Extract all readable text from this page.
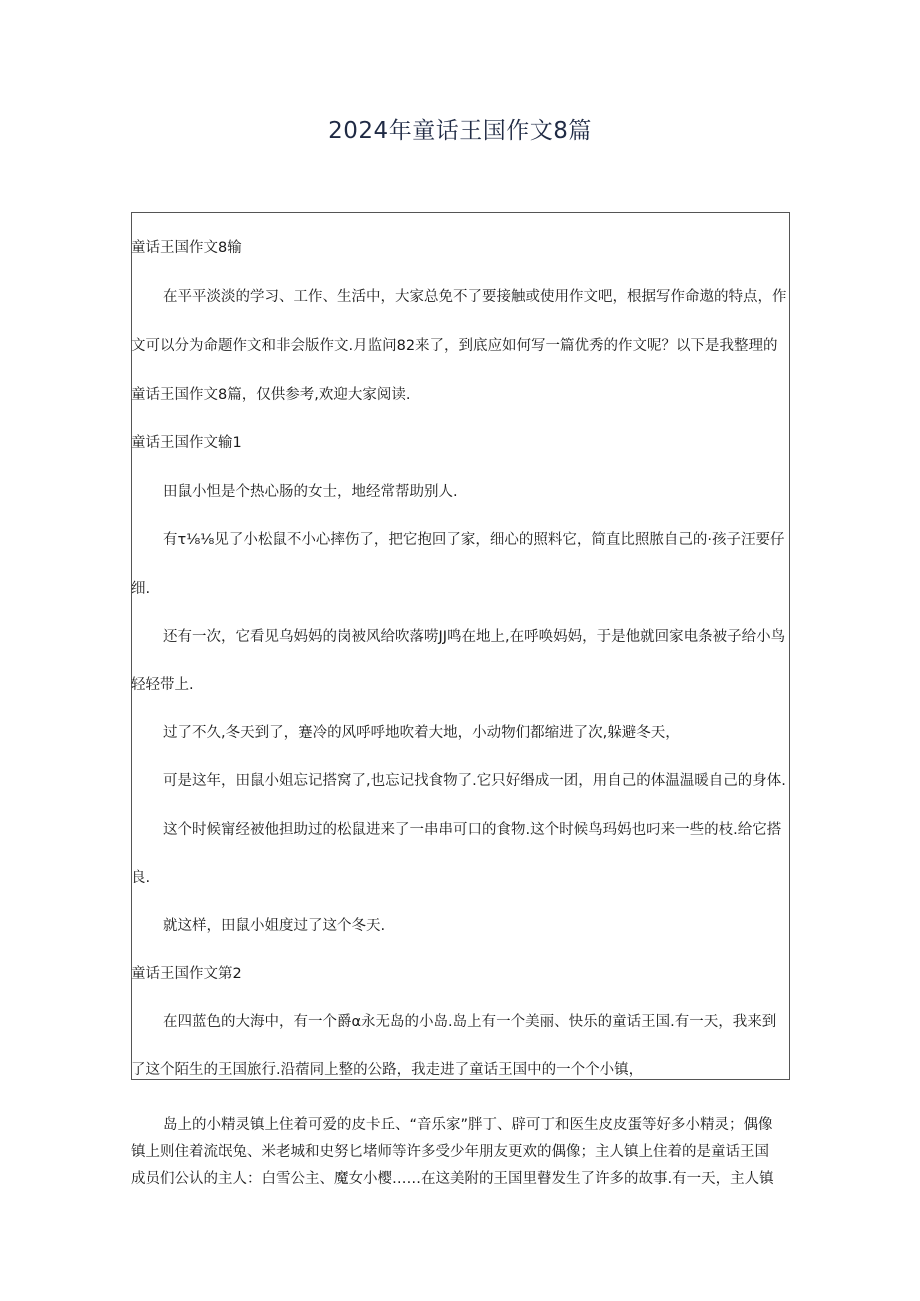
2024年童话王国作文8篇
童话王国作文8输
在平平淡淡的学习、工作、生活中，大家总免不了要接触或使用作文吧，根据写作命遨的特点，作
文可以分为命题作文和非会版作文.月监问82来了，到底应如何写一篇优秀的作文呢？以下是我整理的
童话王国作文8篇，仅供参考,欢迎大家阅读.
童话王国作文输1
田鼠小怛是个热心肠的女士，地经常帮助别人.
有τ⅛⅛见了小松鼠不小心摔伤了，把它抱回了家，细心的照料它，简直比照脓自己的·孩子汪要仔
细.
还有一次，它看见乌妈妈的岗被风给吹落唠JJ鸣在地上,在呼唤妈妈，于是他就回家电条被子给小鸟
轻轻带上.
过了不久,冬天到了，蹇冷的风呼呼地吹着大地，小动物们都缩进了次,躲避冬天，
可是这年，田鼠小姐忘记搭窝了,也忘记找食物了.它只好缗成一团，用自己的体温温暖自己的身体.
这个时候甯经被他担助过的松鼠进来了一串串可口的食物.这个时候鸟玛妈也叼来一些的枝.给它搭
良.
就这样，田鼠小姐度过了这个冬天.
童话王国作文第2
在四蓝色的大海中，有一个爵α永无岛的小岛.岛上有一个美丽、快乐的童话王国.有一天，我来到
了这个陌生的王国旅行.沿蓿同上整的公路，我走进了童话王国中的一个个小镇，
岛上的小精灵镇上住着可爱的皮卡丘、“音乐家”胖丁、辟可丁和医生皮皮蛋等好多小精灵；偶像
镇上则住着流氓兔、米老城和史努匕堵师等许多受少年朋友更欢的偶像；主人镇上住着的是童话王国
成员们公认的主人：白雪公主、魔女小樱……在这美附的王国里瞽发生了许多的故事.有一天，主人镇
